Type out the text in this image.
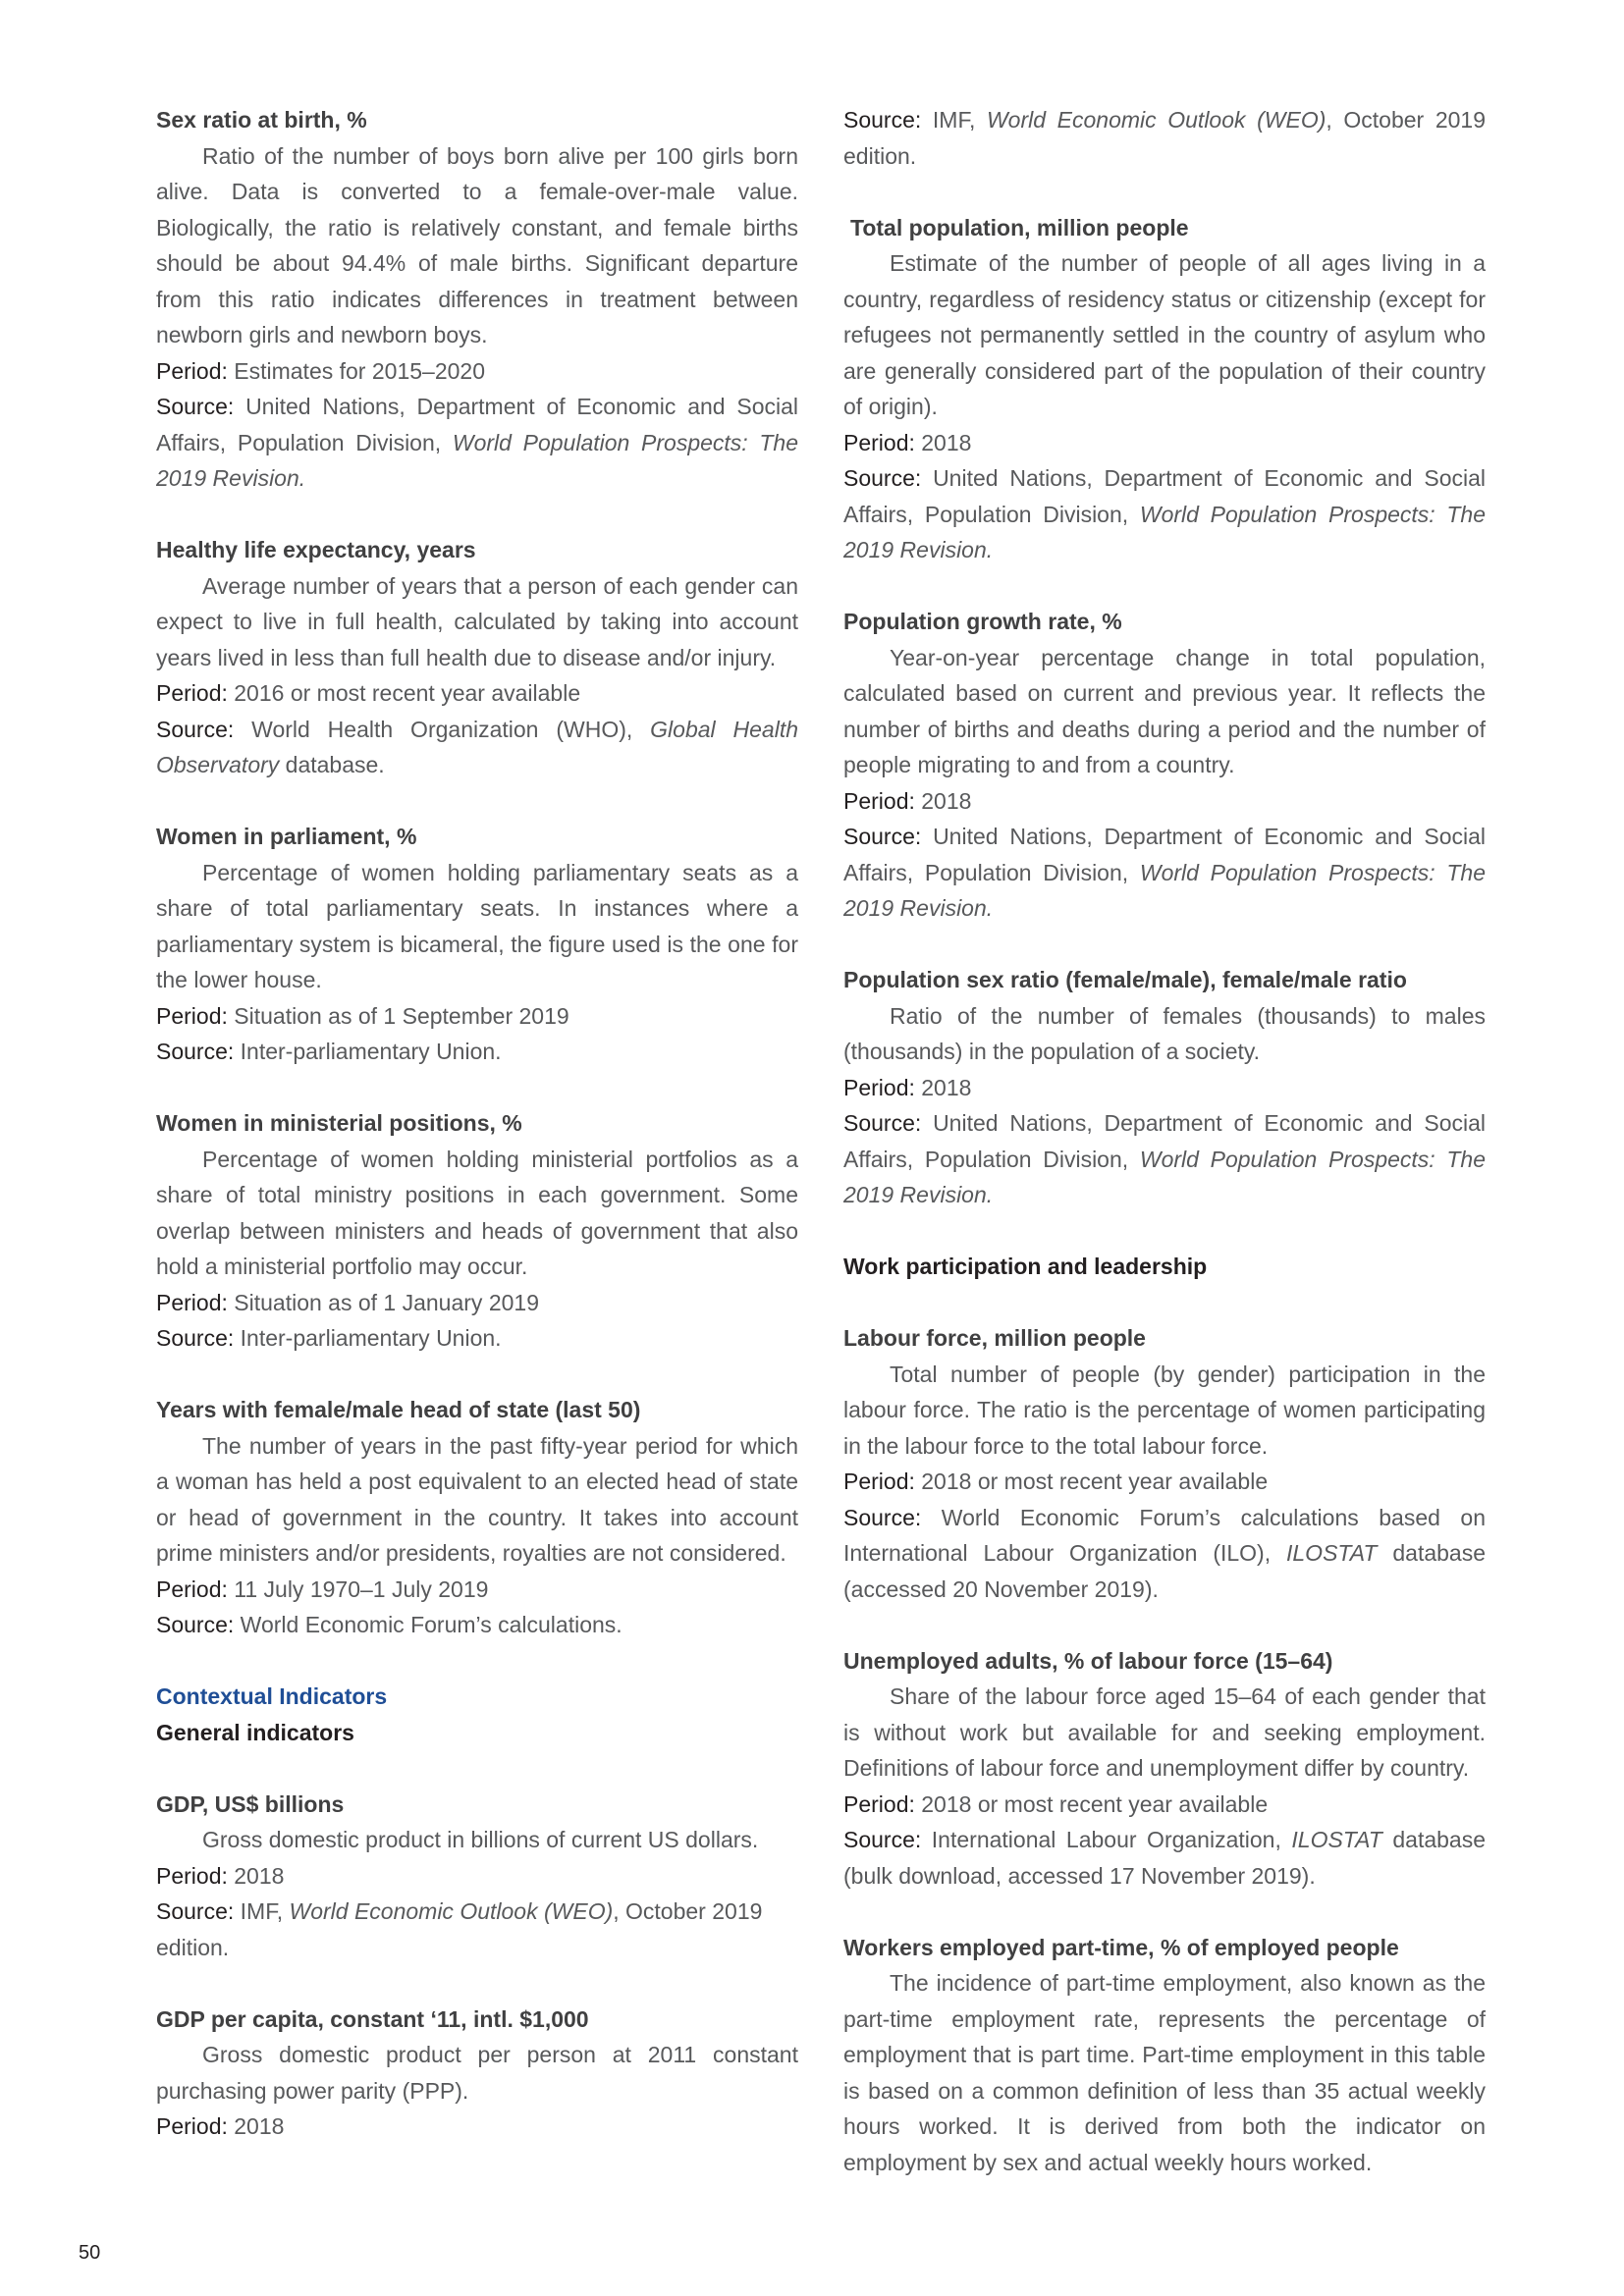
Sex ratio at birth, %

Ratio of the number of boys born alive per 100 girls born alive. Data is converted to a female-over-male value. Biologically, the ratio is relatively constant, and female births should be about 94.4% of male births. Significant departure from this ratio indicates differences in treatment between newborn girls and newborn boys.

Period: Estimates for 2015–2020

Source: United Nations, Department of Economic and Social Affairs, Population Division, World Population Prospects: The 2019 Revision.

Healthy life expectancy, years

Average number of years that a person of each gender can expect to live in full health, calculated by taking into account years lived in less than full health due to disease and/or injury.

Period: 2016 or most recent year available

Source: World Health Organization (WHO), Global Health Observatory database.

Women in parliament, %

Percentage of women holding parliamentary seats as a share of total parliamentary seats. In instances where a parliamentary system is bicameral, the figure used is the one for the lower house.

Period: Situation as of 1 September 2019

Source: Inter-parliamentary Union.

Women in ministerial positions, %

Percentage of women holding ministerial portfolios as a share of total ministry positions in each government. Some overlap between ministers and heads of government that also hold a ministerial portfolio may occur.

Period: Situation as of 1 January 2019

Source: Inter-parliamentary Union.

Years with female/male head of state (last 50)

The number of years in the past fifty-year period for which a woman has held a post equivalent to an elected head of state or head of government in the country. It takes into account prime ministers and/or presidents, royalties are not considered.

Period: 11 July 1970–1 July 2019

Source: World Economic Forum’s calculations.

Contextual Indicators
General indicators

GDP, US$ billions

Gross domestic product in billions of current US dollars.

Period: 2018

Source: IMF, World Economic Outlook (WEO), October 2019 edition.

GDP per capita, constant ‘11, intl. $1,000

Gross domestic product per person at 2011 constant purchasing power parity (PPP).

Period: 2018

Source: IMF, World Economic Outlook (WEO), October 2019 edition.

Total population, million people

Estimate of the number of people of all ages living in a country, regardless of residency status or citizenship (except for refugees not permanently settled in the country of asylum who are generally considered part of the population of their country of origin).

Period: 2018

Source: United Nations, Department of Economic and Social Affairs, Population Division, World Population Prospects: The 2019 Revision.

Population growth rate, %

Year-on-year percentage change in total population, calculated based on current and previous year. It reflects the number of births and deaths during a period and the number of people migrating to and from a country.

Period: 2018

Source: United Nations, Department of Economic and Social Affairs, Population Division, World Population Prospects: The 2019 Revision.

Population sex ratio (female/male), female/male ratio

Ratio of the number of females (thousands) to males (thousands) in the population of a society.

Period: 2018

Source: United Nations, Department of Economic and Social Affairs, Population Division, World Population Prospects: The 2019 Revision.

Work participation and leadership

Labour force, million people

Total number of people (by gender) participation in the labour force. The ratio is the percentage of women participating in the labour force to the total labour force.

Period: 2018 or most recent year available

Source: World Economic Forum’s calculations based on International Labour Organization (ILO), ILOSTAT database (accessed 20 November 2019).

Unemployed adults, % of labour force (15–64)

Share of the labour force aged 15–64 of each gender that is without work but available for and seeking employment. Definitions of labour force and unemployment differ by country.

Period: 2018 or most recent year available

Source: International Labour Organization, ILOSTAT database (bulk download, accessed 17 November 2019).

Workers employed part-time, % of employed people

The incidence of part-time employment, also known as the part-time employment rate, represents the percentage of employment that is part time. Part-time employment in this table is based on a common definition of less than 35 actual weekly hours worked. It is derived from both the indicator on employment by sex and actual weekly hours worked.

50
